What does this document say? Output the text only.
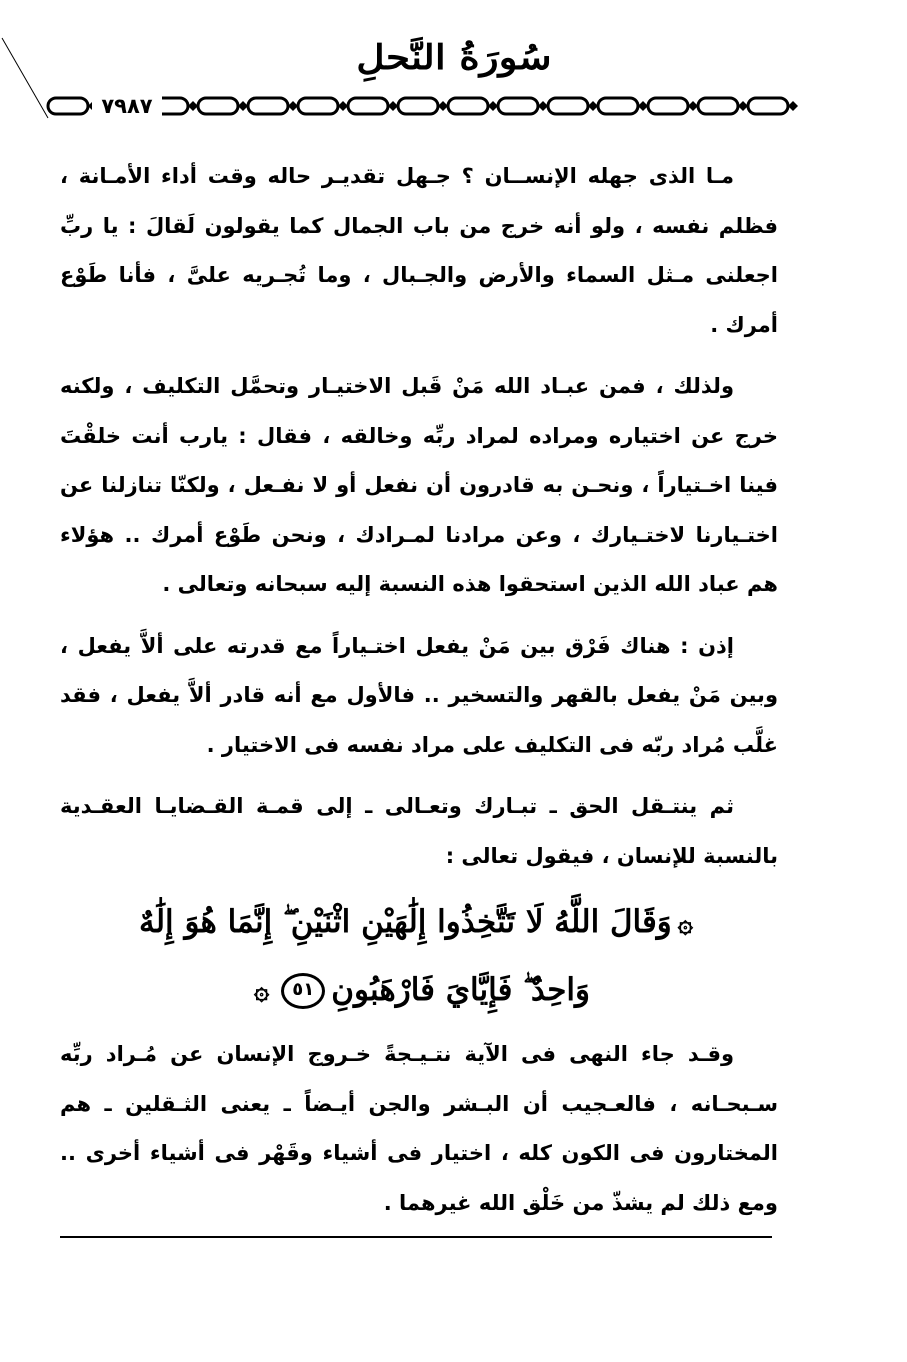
سُورَةُ النَّحلِ
٧٩٨٧

مـا الذى جهله الإنســان ؟ جـهل تقديـر حاله وقت أداء الأمـانة ، فظلم نفسه ، ولو أنه خرج من باب الجمال كما يقولون لَقالَ : يا ربِّ اجعلنى مـثل السماء والأرض والجـبال ، وما تُجـريه علىَّ ، فأنا طَوْع أمرك .

ولذلك ، فمن عبـاد الله مَنْ قَبل الاختيـار وتحمَّل التكليف ، ولكنه خرج عن اختياره ومراده لمراد ربِّه وخالقه ، فقال : يارب أنت خلقْتَ فينا اخـتياراً ، ونحـن به قادرون أن نفعل أو لا نفـعل ، ولكنّا تنازلنا عن اختـيارنا لاختـيارك ، وعن مرادنا لمـرادك ، ونحن طَوْع أمرك .. هؤلاء هم عباد الله الذين استحقوا هذه النسبة إليه سبحانه وتعالى .

إذن : هناك فَرْق بين مَنْ يفعل اختـياراً مع قدرته على ألاَّ يفعل ، وبين مَنْ يفعل بالقهر والتسخير .. فالأول مع أنه قادر ألاَّ يفعل ، فقد غلَّب مُراد ربّه فى التكليف على مراد نفسه فى الاختيار .

ثم ينتـقل الحق ـ تبـارك وتعـالى ـ إلى قمـة القـضايـا العقـدية بالنسبة للإنسان ، فيقول تعالى :

۞وَقَالَ اللَّهُ لَا تَتَّخِذُوا إِلَٰهَيْنِ اثْنَيْنِ ۖ إِنَّمَا هُوَ إِلَٰهٌ
وَاحِدٌ ۖ فَإِيَّايَ فَارْهَبُونِ٥١۞

وقـد جاء النهى فى الآية نتـيـجةً خـروج الإنسان عن مُـراد ربِّه سـبحـانه ، فالعـجيب أن البـشر والجن أيـضاً ـ يعنى الثـقلين ـ هم المختارون فى الكون كله ، اختيار فى أشياء وقَهْر فى أشياء أخرى .. ومع ذلك لم يشذّ من خَلْق الله غيرهما .
